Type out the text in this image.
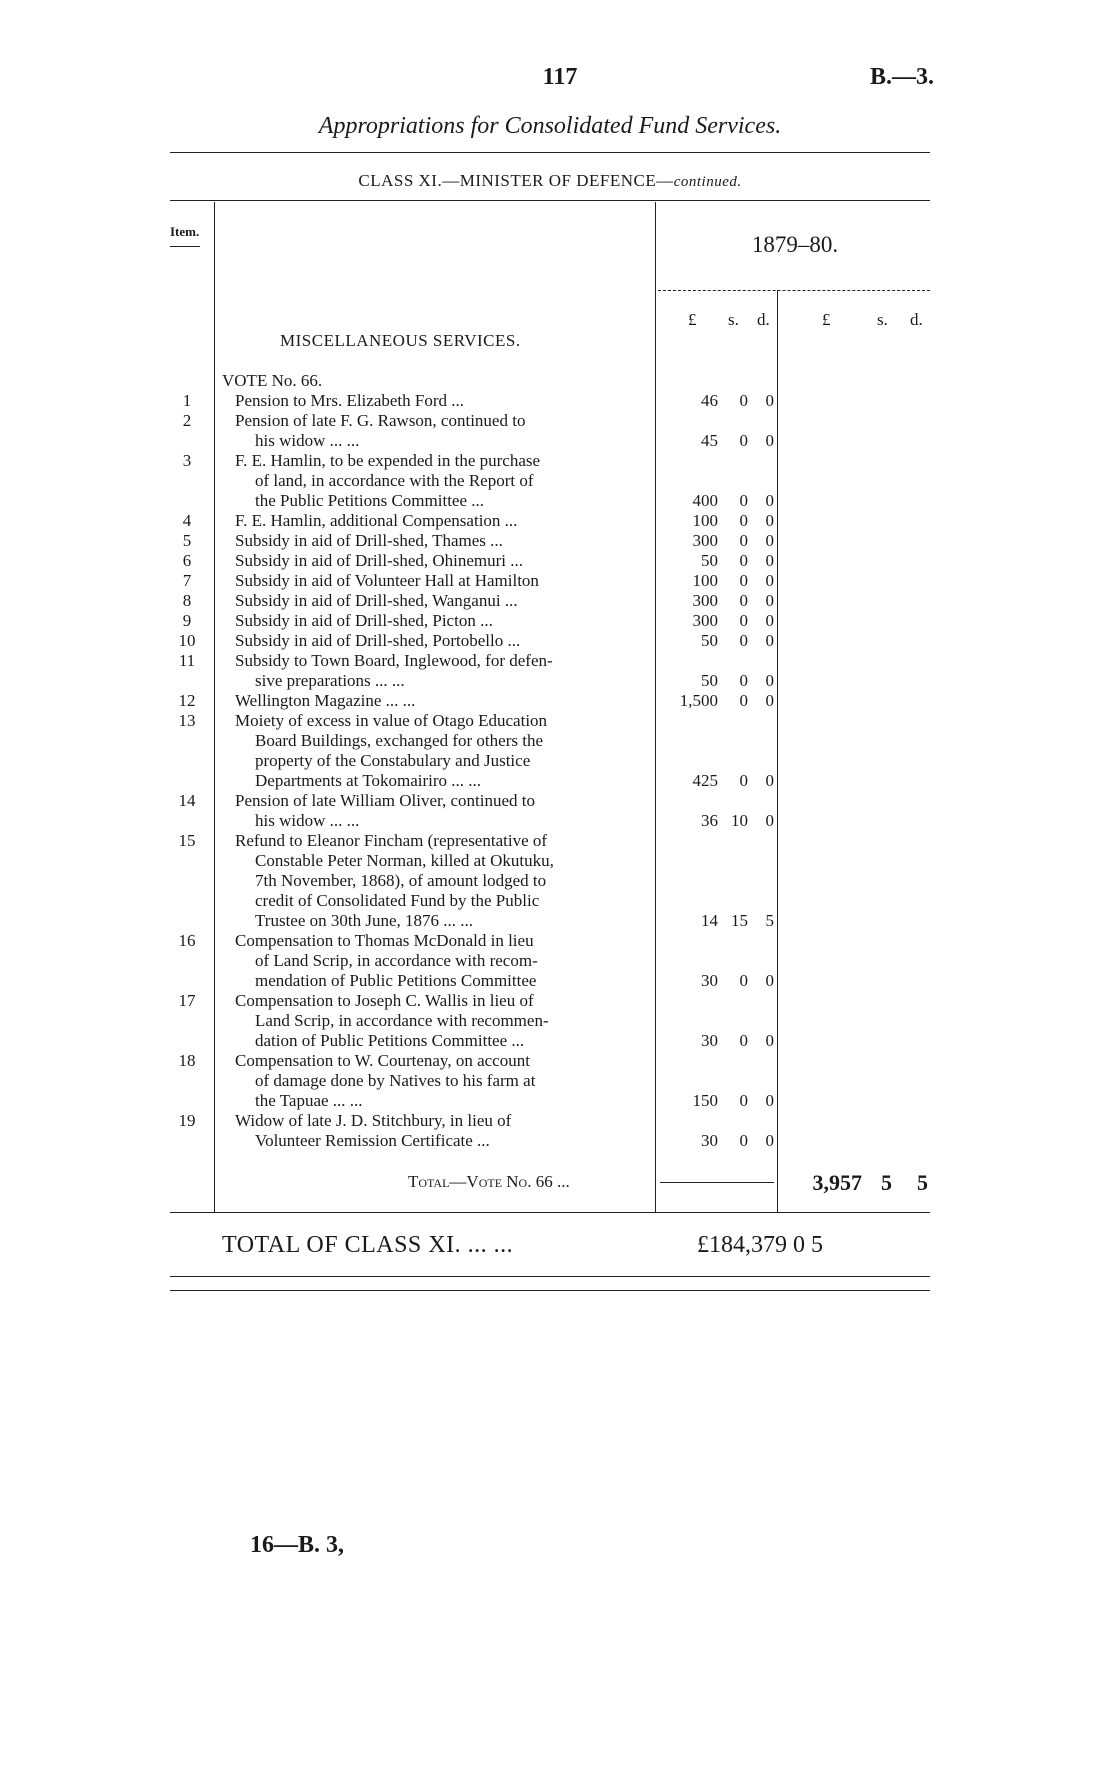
117	B.—3.
Appropriations for Consolidated Fund Services.
CLASS XI.—MINISTER OF DEFENCE—continued.
Item.
1879–80.
£ s. d.	£	s. d.
MISCELLANEOUS SERVICES.
VOTE No. 66.
1	Pension to Mrs. Elizabeth Ford ...	46	0	0
2	Pension of late F. G. Rawson, continued to
his widow ... ...	45	0	0
3	F. E. Hamlin, to be expended in the purchase
of land, in accordance with the Report of
the Public Petitions Committee ...	400	0	0
4	F. E. Hamlin, additional Compensation ...	100	0	0
5	Subsidy in aid of Drill-shed, Thames ...	300	0	0
6	Subsidy in aid of Drill-shed, Ohinemuri ...	50	0	0
7	Subsidy in aid of Volunteer Hall at Hamilton	100	0	0
8	Subsidy in aid of Drill-shed, Wanganui ...	300	0	0
9	Subsidy in aid of Drill-shed, Picton ...	300	0	0
10	Subsidy in aid of Drill-shed, Portobello ...	50	0	0
11	Subsidy to Town Board, Inglewood, for defen-
sive preparations ... ...	50	0	0
12	Wellington Magazine ... ...	1,500	0	0
13	Moiety of excess in value of Otago Education
Board Buildings, exchanged for others the
property of the Constabulary and Justice
Departments at Tokomairiro ... ...	425	0	0
14	Pension of late William Oliver, continued to
his widow ... ...	36 10	0
15	Refund to Eleanor Fincham (representative of
Constable Peter Norman, killed at Okutuku,
7th November, 1868), of amount lodged to
credit of Consolidated Fund by the Public
Trustee on 30th June, 1876 ... ...	14 15	5
16	Compensation to Thomas McDonald in lieu
of Land Scrip, in accordance with recom-
mendation of Public Petitions Committee	30	0	0
17	Compensation to Joseph C. Wallis in lieu of
Land Scrip, in accordance with recommen-
dation of Public Petitions Committee ...	30	0	0
18	Compensation to W. Courtenay, on account
of damage done by Natives to his farm at
the Tapuae ... ...	150	0	0
19	Widow of late J. D. Stitchbury, in lieu of
Volunteer Remission Certificate ...	30	0	0
Total—Vote No. 66 ...	3,957 5	5
TOTAL OF CLASS XI. ... ...	£184,379 0 5
16—B. 3,
